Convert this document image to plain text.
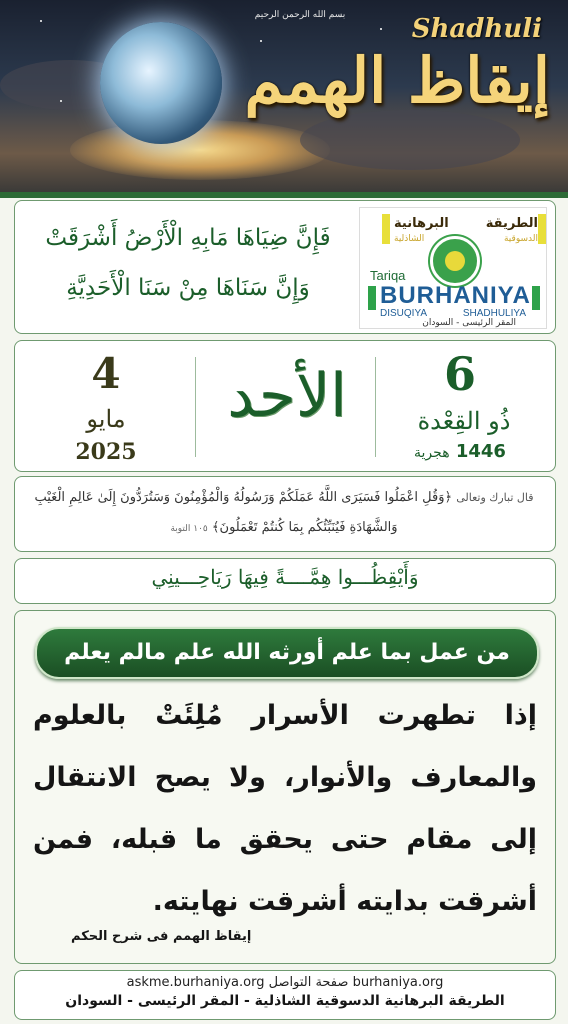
بسم الله الرحمن الرحيم	Shadhuli
إيقاظ الهمم
فَإِنَّ ضِيَاهَا مَابِهِ الْأَرْضُ أَشْرَقَتْ
وَإِنَّ سَنَاهَا مِنْ سَنَا الْأَحَدِيَّةِ
الطريقة
البرهانية
الدسوقية
الشاذلية
Tariqa
BURHANIYA
DISUQIYA	SHADHULIYA
المقر الرئيسى - السودان
6
ذُو القِعْدة
1446 هجرية
الأحد
4
مايو
2025
قال تبارك وتعالى ﴿وَقُلِ اعْمَلُوا فَسَيَرَى اللَّهُ عَمَلَكُمْ وَرَسُولُهُ وَالْمُؤْمِنُونَ وَسَتُرَدُّونَ إِلَىٰ عَالِمِ الْغَيْبِ وَالشَّهَادَةِ فَيُنَبِّئُكُم بِمَا كُنتُمْ تَعْمَلُونَ﴾ ١٠٥ التوبة
وَأَيْقِظُـــوا هِمَّــــةً فِيهَا رَيَاحِـــينِي
من عمل بما علم أورثه الله علم مالم يعلم
إذا تطهرت الأسرار مُلِئَتْ بالعلوم والمعارف والأنوار، ولا يصح الانتقال إلى مقام حتى يحقق ما قبله، فمن أشرقت بدايته أشرقت نهايته.
إيقاظ الهمم فى شرح الحكم
burhaniya.org صفحة التواصل askme.burhaniya.org
الطريقة البرهانية الدسوقية الشاذلية - المقر الرئيسى - السودان
